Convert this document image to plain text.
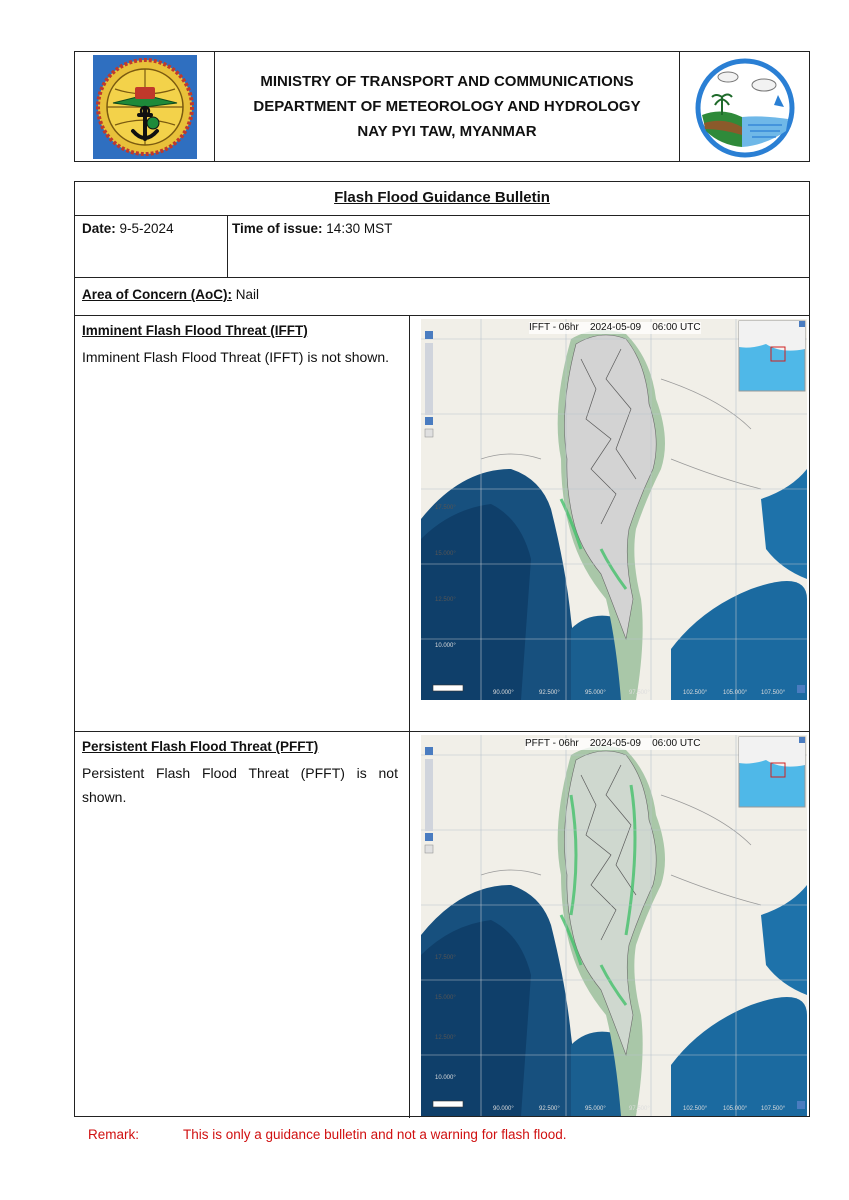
MINISTRY OF TRANSPORT AND COMMUNICATIONS
DEPARTMENT OF METEOROLOGY AND HYDROLOGY
NAY PYI TAW, MYANMAR
Flash Flood Guidance Bulletin
Date: 9-5-2024	Time of issue: 14:30 MST
Area of Concern (AoC): Nail
Imminent Flash Flood Threat (IFFT)
Imminent Flash Flood Threat (IFFT) is not shown.
IFFT - 06hr    2024-05-09    06:00 UTC
17.500°
15.000°
12.500°
10.000°
90.000°	92.500°	95.000°	97.500°	102.500°	105.000° 107.500°
Persistent Flash Flood Threat (PFFT)
Persistent Flash Flood Threat (PFFT) is not shown.
PFFT - 06hr    2024-05-09    06:00 UTC
17.500°
15.000°
12.500°
10.000°
90.000°	92.500°	95.000°	97.500°	102.500°	105.000° 107.500°
Remark:	This is only a guidance bulletin and not a warning for flash flood.
